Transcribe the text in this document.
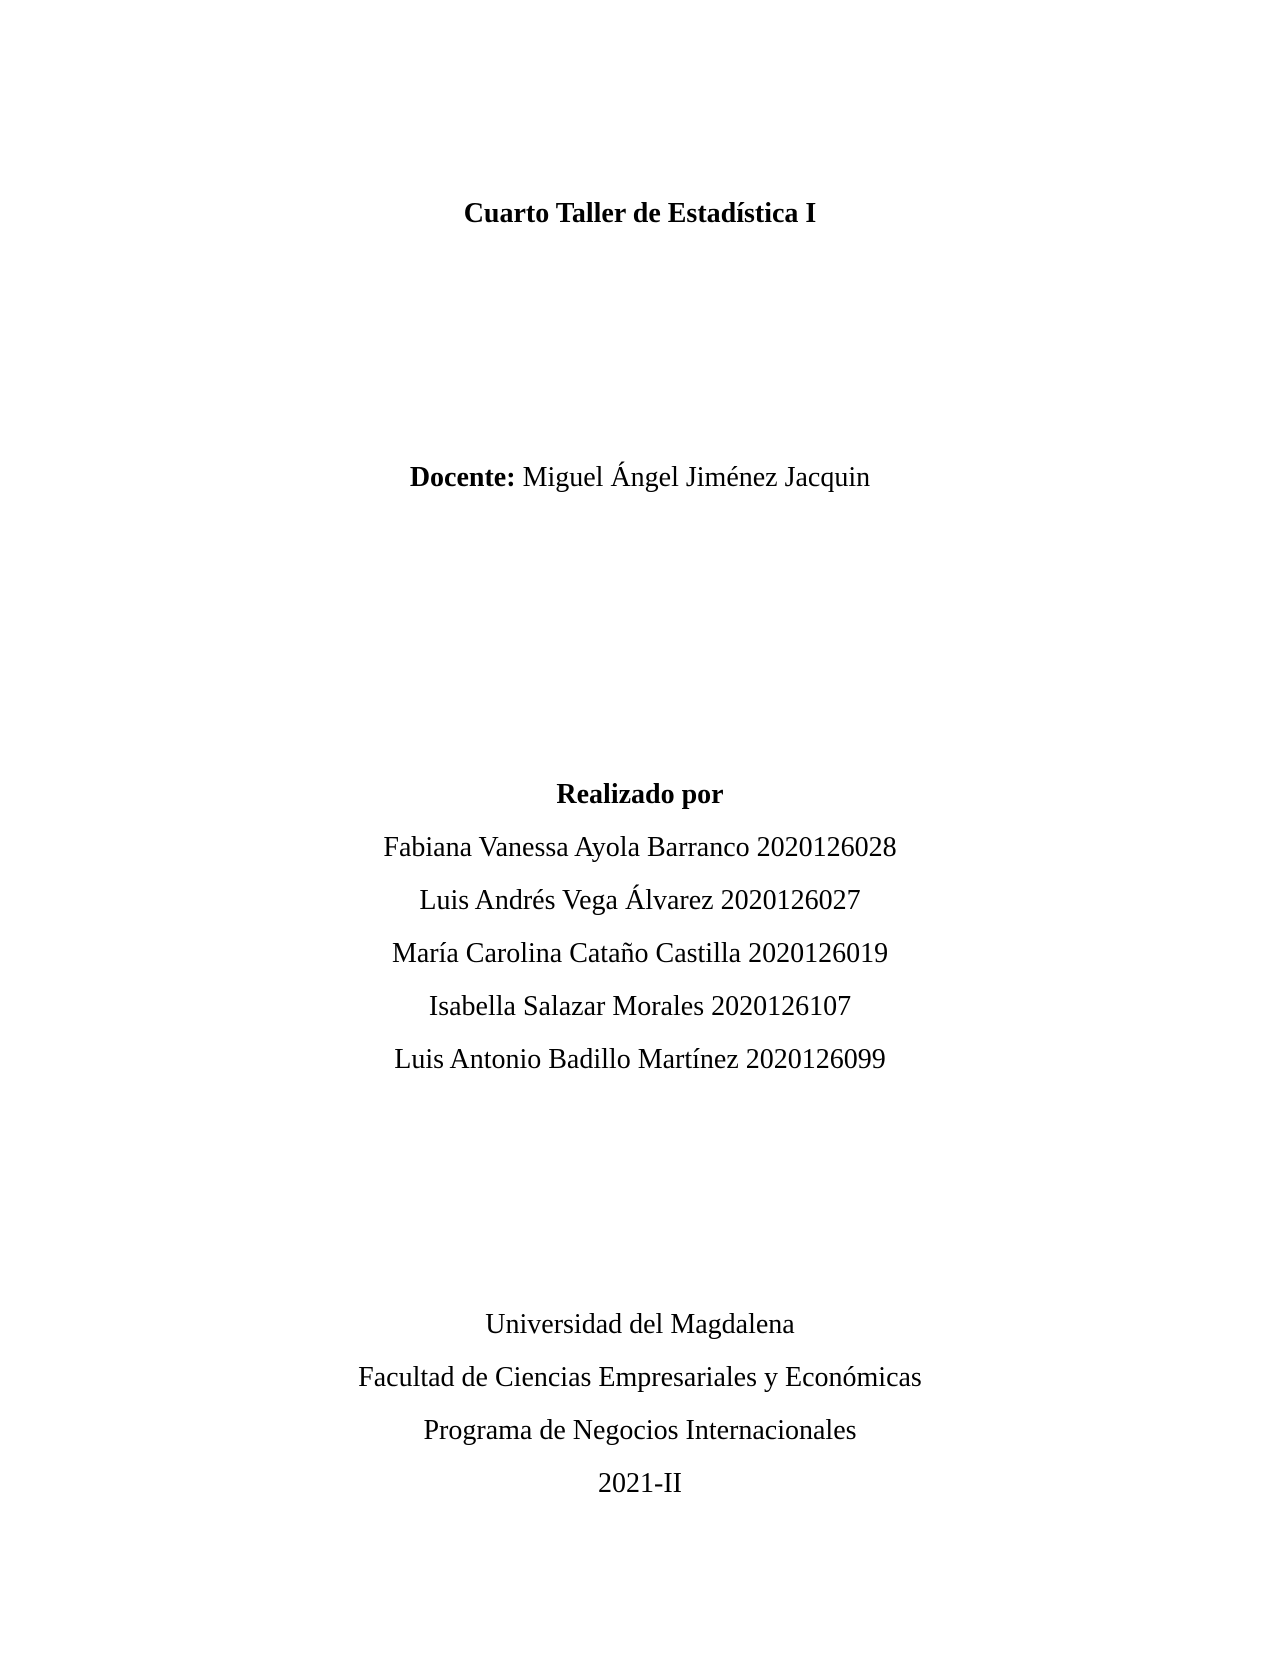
Cuarto Taller de Estadística I
Docente: Miguel Ángel Jiménez Jacquin
Realizado por
Fabiana Vanessa Ayola Barranco 2020126028
Luis Andrés Vega Álvarez 2020126027
María Carolina Cataño Castilla 2020126019
Isabella Salazar Morales 2020126107
Luis Antonio Badillo Martínez 2020126099
Universidad del Magdalena
Facultad de Ciencias Empresariales y Económicas
Programa de Negocios Internacionales
2021-II
